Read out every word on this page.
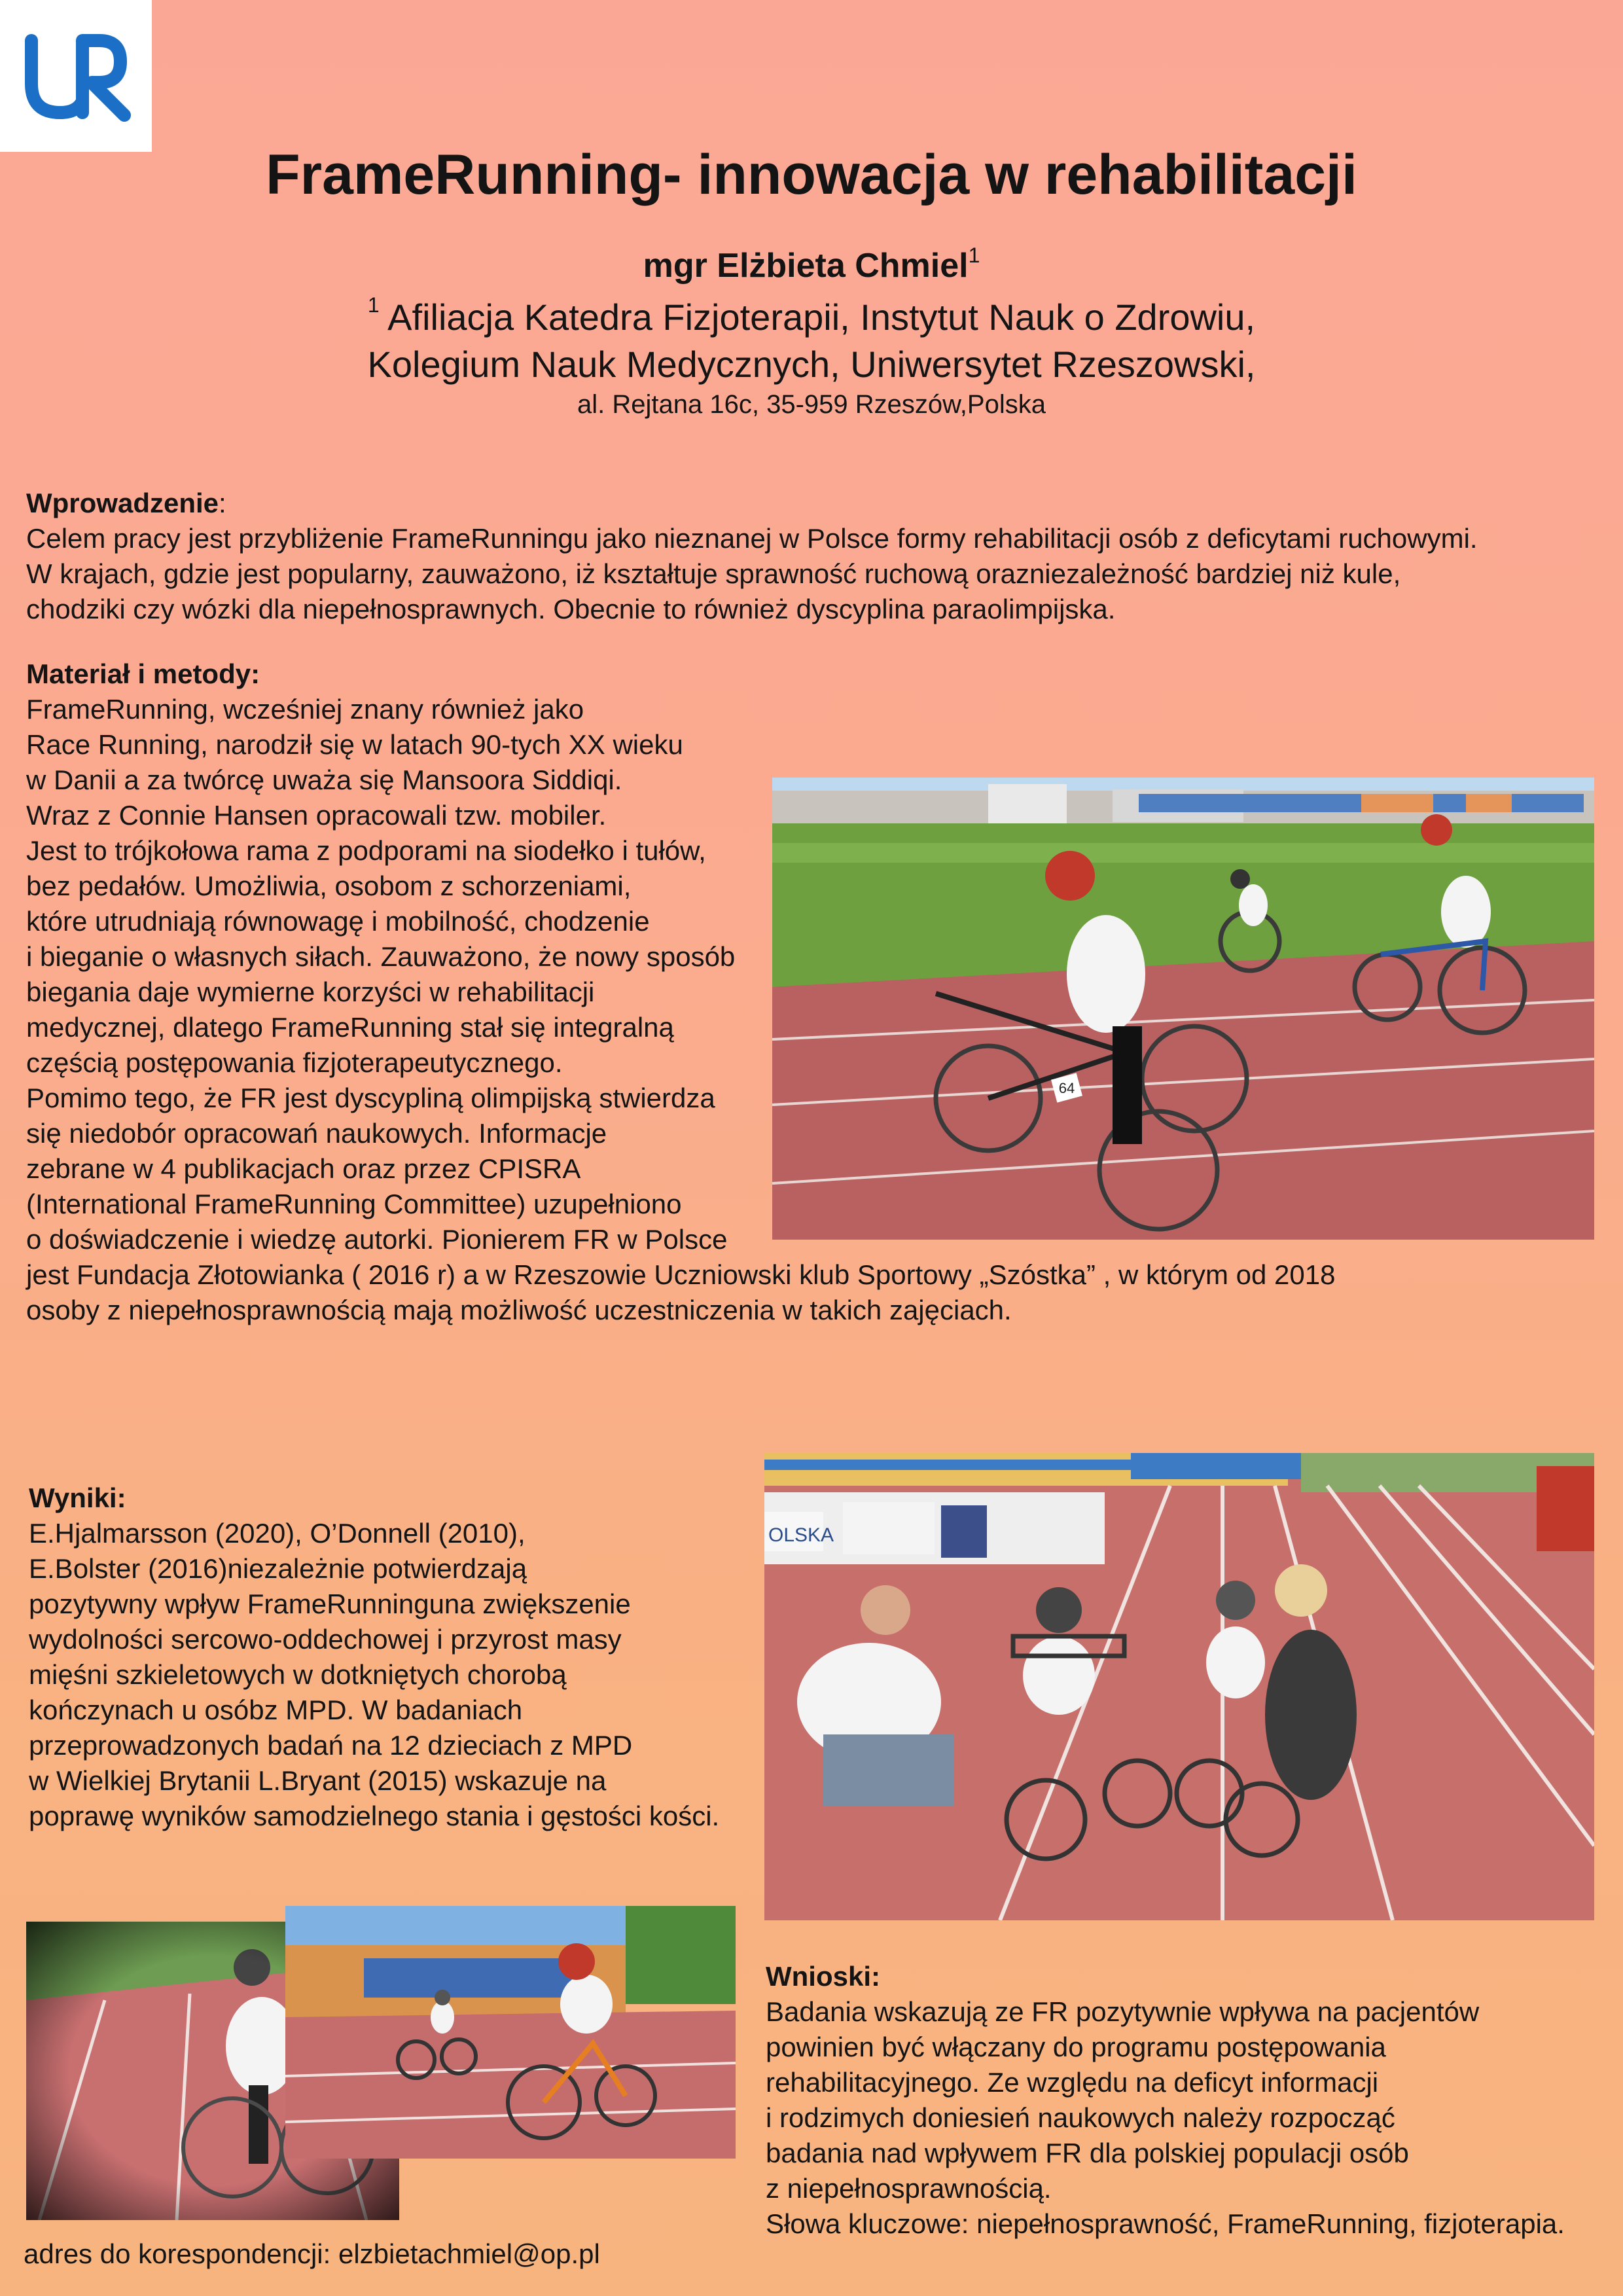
FrameRunning- innowacja w rehabilitacji
mgr Elżbieta Chmiel$^1$
$^1$ Afiliacja Katedra Fizjoterapii, Instytut Nauk o Zdrowiu,
Kolegium Nauk Medycznych, Uniwersytet Rzeszowski,
al. Rejtana 16c, 35-959 Rzeszów,Polska
Wprowadzenie:
Celem pracy jest przybliżenie FrameRunningu jako nieznanej w Polsce formy rehabilitacji osób z deficytami ruchowymi.
W krajach, gdzie jest popularny, zauważono, iż kształtuje sprawność ruchową orazniezależność bardziej niż kule,
chodziki czy wózki dla niepełnosprawnych. Obecnie to również dyscyplina paraolimpijska.
Materiał i metody:
FrameRunning, wcześniej znany również jako
Race Running, narodził się w latach 90-tych XX wieku
w Danii a za twórcę uważa się Mansoora Siddiqi.
Wraz z Connie Hansen opracowali tzw. mobiler.
Jest to trójkołowa rama z podporami na siodełko i tułów,
bez pedałów. Umożliwia, osobom z schorzeniami,
które utrudniają równowagę i mobilność, chodzenie
i bieganie o własnych siłach. Zauważono, że nowy sposób
biegania daje wymierne korzyści w rehabilitacji
medycznej, dlatego FrameRunning stał się integralną
częścią postępowania fizjoterapeutycznego.
Pomimo tego, że FR jest dyscypliną olimpijską stwierdza
się niedobór opracowań naukowych. Informacje
zebrane w 4 publikacjach oraz przez CPISRA
(International FrameRunning Committee) uzupełniono
o doświadczenie i wiedzę autorki. Pionierem FR w Polsce
jest Fundacja Złotowianka ( 2016 r) a w Rzeszowie Uczniowski klub Sportowy „Szóstka” , w którym od 2018
osoby z niepełnosprawnością mają możliwość uczestniczenia w takich zajęciach.
64
Wyniki:
E.Hjalmarsson (2020), O’Donnell (2010),
E.Bolster (2016)niezależnie potwierdzają
pozytywny wpływ FrameRunninguna zwiększenie
wydolności sercowo-oddechowej i przyrost masy
mięśni szkieletowych w dotkniętych chorobą
kończynach u osóbz MPD. W badaniach
przeprowadzonych badań na 12 dzieciach z MPD
w Wielkiej Brytanii L.Bryant (2015) wskazuje na
poprawę wyników samodzielnego stania i gęstości kości.
OLSKA
Wnioski:
Badania wskazują ze FR pozytywnie wpływa na pacjentów
powinien być włączany do programu postępowania
rehabilitacyjnego. Ze względu na deficyt informacji
i rodzimych doniesień naukowych należy rozpocząć
badania nad wpływem FR dla polskiej populacji osób
z niepełnosprawnością.
Słowa kluczowe: niepełnosprawność, FrameRunning, fizjoterapia.
adres do korespondencji: elzbietachmiel@op.pl
